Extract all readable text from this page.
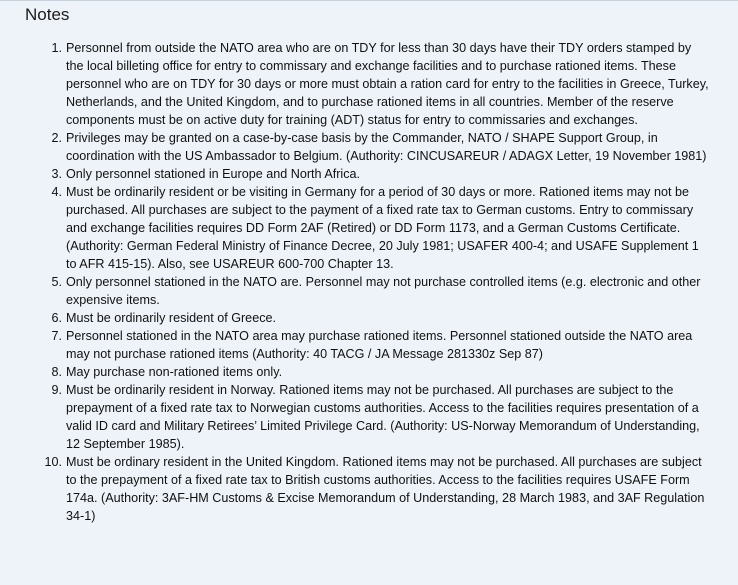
Notes
1. Personnel from outside the NATO area who are on TDY for less than 30 days have their TDY orders stamped by the local billeting office for entry to commissary and exchange facilities and to purchase rationed items. These personnel who are on TDY for 30 days or more must obtain a ration card for entry to the facilities in Greece, Turkey, Netherlands, and the United Kingdom, and to purchase rationed items in all countries. Member of the reserve components must be on active duty for training (ADT) status for entry to commissaries and exchanges.
2. Privileges may be granted on a case-by-case basis by the Commander, NATO / SHAPE Support Group, in coordination with the US Ambassador to Belgium. (Authority: CINCUSAREUR / ADAGX Letter, 19 November 1981)
3. Only personnel stationed in Europe and North Africa.
4. Must be ordinarily resident or be visiting in Germany for a period of 30 days or more. Rationed items may not be purchased. All purchases are subject to the payment of a fixed rate tax to German customs. Entry to commissary and exchange facilities requires DD Form 2AF (Retired) or DD Form 1173, and a German Customs Certificate. (Authority: German Federal Ministry of Finance Decree, 20 July 1981; USAFER 400-4; and USAFE Supplement 1 to AFR 415-15). Also, see USAREUR 600-700 Chapter 13.
5. Only personnel stationed in the NATO are. Personnel may not purchase controlled items (e.g. electronic and other expensive items.
6. Must be ordinarily resident of Greece.
7. Personnel stationed in the NATO area may purchase rationed items. Personnel stationed outside the NATO area may not purchase rationed items (Authority: 40 TACG / JA Message 281330z Sep 87)
8. May purchase non-rationed items only.
9. Must be ordinarily resident in Norway. Rationed items may not be purchased. All purchases are subject to the prepayment of a fixed rate tax to Norwegian customs authorities. Access to the facilities requires presentation of a valid ID card and Military Retirees’ Limited Privilege Card. (Authority: US-Norway Memorandum of Understanding, 12 September 1985).
10. Must be ordinary resident in the United Kingdom. Rationed items may not be purchased. All purchases are subject to the prepayment of a fixed rate tax to British customs authorities. Access to the facilities requires USAFE Form 174a. (Authority: 3AF-HM Customs & Excise Memorandum of Understanding, 28 March 1983, and 3AF Regulation 34-1)
